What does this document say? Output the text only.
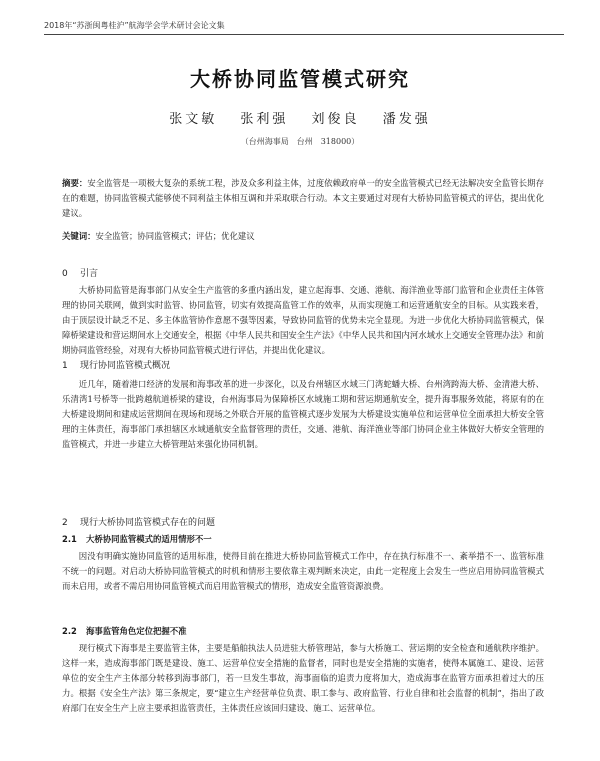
2018年“苏浙闽粤桂沪”航海学会学术研讨会论文集
大桥协同监管模式研究
张文敏 张利强 刘俊良 潘发强
（台州海事局　台州　318000）

摘要：安全监管是一项极大复杂的系统工程，涉及众多利益主体，过度依赖政府单一的安全监管模式已经无法解决安全监管长期存在的难题，协同监管模式能够使不同利益主体相互调和并采取联合行动。本文主要通过对现有大桥协同监管模式的评估，提出优化建议。

关键词：安全监管；协同监管模式；评估；优化建议

0 引言

大桥协同监管是海事部门从安全生产监管的多重内涵出发，建立起海事、交通、港航、海洋渔业等部门监管和企业责任主体管理的协同关联网，做到实时监管、协同监管，切实有效提高监管工作的效率，从而实现施工和运营通航安全的目标。从实践来看，由于顶层设计缺乏不足、多主体监管协作意愿不强等因素，导致协同监管的优势未完全显现。为进一步优化大桥协同监管模式，保障桥梁建设和营运期间水上交通安全，根据《中华人民共和国安全生产法》《中华人民共和国内河水域水上交通安全管理办法》和前期协同监管经验，对现有大桥协同监管模式进行评估，并提出优化建议。

1 现行协同监管模式概况

近几年，随着港口经济的发展和海事改革的进一步深化，以及台州辖区水域三门湾蛇蟠大桥、台州湾跨海大桥、金清港大桥、乐清湾1号桥等一批跨越航道桥梁的建设，台州海事局为保障桥区水域施工期和营运期通航安全，提升海事服务效能，将原有的在大桥建设期间和建成运营期间在现场和现场之外联合开展的监管模式逐步发展为大桥建设实施单位和运营单位全面承担大桥安全管理的主体责任，海事部门承担辖区水域通航安全监督管理的责任，交通、港航、海洋渔业等部门协同企业主体做好大桥安全管理的监管模式，并进一步建立大桥管理站来强化协同机制。

2 现行大桥协同监管模式存在的问题

2.1 大桥协同监管模式的适用情形不一

因没有明确实施协同监管的适用标准，使得目前在推进大桥协同监管模式工作中，存在执行标准不一、紊举措不一、监管标准不统一的问题。对启动大桥协同监管模式的时机和情形主要依靠主观判断来决定，由此一定程度上会发生一些应启用协同监管模式而未启用，或者不需启用协同监管模式而启用监管模式的情形，造成安全监管资源浪费。

2.2 海事监管角色定位把握不准

现行模式下海事是主要监管主体，主要是船舶执法人员进驻大桥管理站，参与大桥施工、营运期的安全检查和通航秩序维护。这样一来，造成海事部门既是建设、施工、运营单位安全措施的监督者，同时也是安全措施的实施者，使得本属施工、建设、运营单位的安全生产主体部分转移到海事部门，若一旦发生事故，海事面临的追责力度将加大，造成海事在监管方面承担着过大的压力。根据《安全生产法》第三条规定，要“建立生产经营单位负责、职工参与、政府监管、行业自律和社会监督的机制”，指出了政府部门在安全生产上应主要承担监管责任，主体责任应该回归建设、施工、运营单位。
